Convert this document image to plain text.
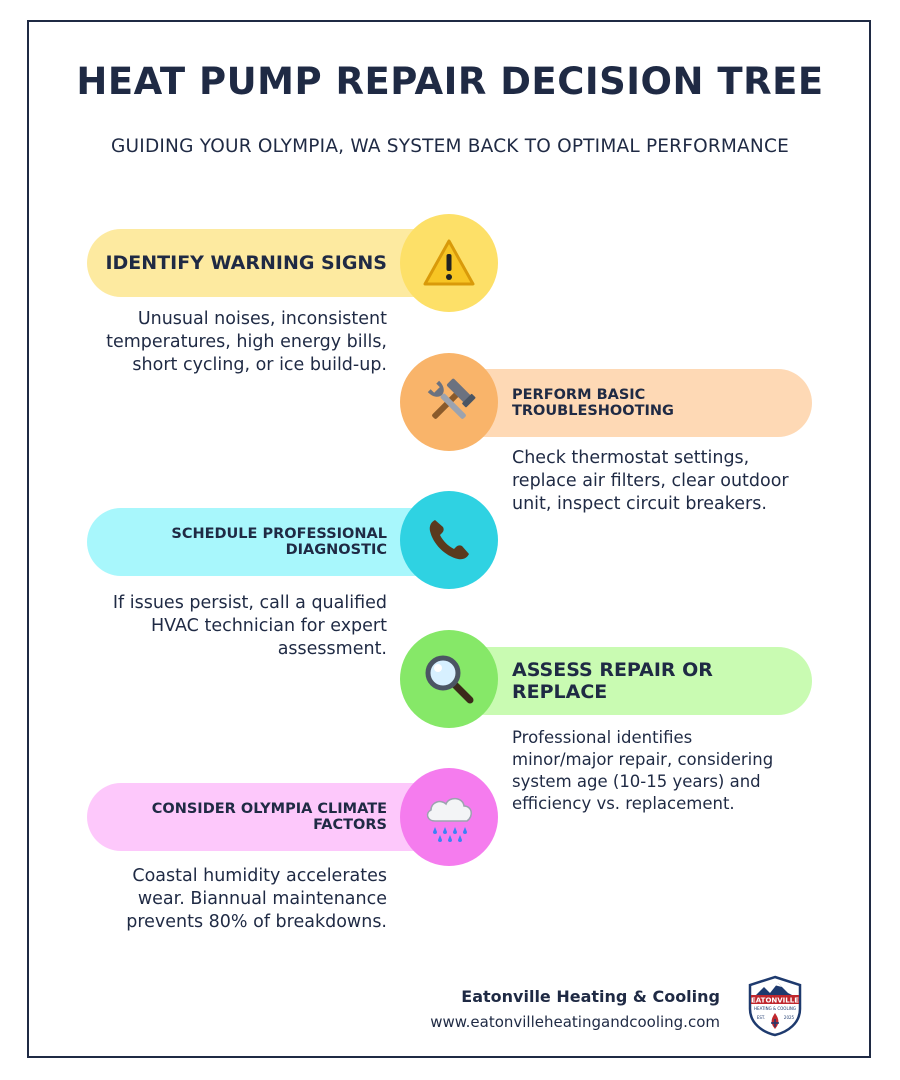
HEAT PUMP REPAIR DECISION TREE
GUIDING YOUR OLYMPIA, WA SYSTEM BACK TO OPTIMAL PERFORMANCE
IDENTIFY WARNING SIGNS
Unusual noises, inconsistent temperatures, high energy bills, short cycling, or ice build-up.
PERFORM BASIC TROUBLESHOOTING
Check thermostat settings, replace air filters, clear outdoor unit, inspect circuit breakers.
SCHEDULE PROFESSIONAL DIAGNOSTIC
If issues persist, call a qualified HVAC technician for expert assessment.
ASSESS REPAIR OR REPLACE
Professional identifies minor/major repair, considering system age (10-15 years) and efficiency vs. replacement.
CONSIDER OLYMPIA CLIMATE FACTORS
Coastal humidity accelerates wear. Biannual maintenance prevents 80% of breakdowns.
Eatonville Heating & Cooling
www.eatonvilleheatingandcooling.com
EATONVILLE
HEATING & COOLING
EST.	2025
